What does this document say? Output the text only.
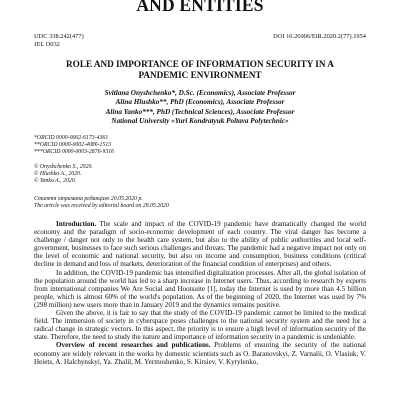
AND ENTITIES
UDC 338.242(477)
JEL O032
DOI 10.26906/EiR.2020.2(77).1954
ROLE AND IMPORTANCE OF INFORMATION SECURITY IN A
PANDEMIC ENVIRONMENT
Svitlana Onyshchenko*, D.Sc. (Economics), Associate Professor
Alina Hlushko**, PhD (Economics), Associate Professor
Alina Yanko***, PhD (Technical Sciences), Associate Professor
National University «Yuri Kondratyuk Poltava Polytechnic»
*ORCID 0000-0002-6173-4361
**ORCID 0000-0002-4086-1513
***ORCID 0000-0003-2876-9316
© Onyshchenko S., 2020.
© Hlushko A., 2020.
© Yanko A., 2020.
Стаття отримана редакцією 20.05.2020 р.
The article was received by editorial board on 29.05.2020

Introduction. The scale and impact of the COVID-19 pandemic have dramatically changed the world economy and the paradigm of socio-economic development of each country. The viral danger has become a challenge / danger not only to the health care system, but also to the ability of public authorities and local self-government, businesses to face such serious challenges and threats. The pandemic had a negative impact not only on the level of economic and national security, but also on income and consumption, business conditions (critical decline in demand and loss of markets, deterioration of the financial condition of enterprises) and others.

In addition, the COVID-19 pandemic has intensified digitalization processes. After all, the global isolation of the population around the world has led to a sharp increase in Internet users. Thus, according to research by experts from international companies We Are Social and Hootsuite [1], today the Internet is used by more than 4.5 billion people, which is almost 60% of the world's population. As of the beginning of 2020, the Internet was used by 7% (298 million) new users more than in January 2019 and the dynamics remains positive.

Given the above, it is fair to say that the study of the COVID-19 pandemic cannot be limited to the medical field. The immersion of society in cyberspace poses challenges to the national security system and the need for a radical change in strategic vectors. In this aspect, the priority is to ensure a high level of information security of the state. Therefore, the need to study the nature and importance of information security in a pandemic is undeniable.

Overview of recent researches and publications. Problems of ensuring the security of the national economy are widely relevant in the works by domestic scientists such as O. Baranovskyi, Z. Varnalii, O. Vlasiuk, V. Heiets, A. Halchynskyi, Ya. Zhalil, M. Yermoshenko, S. Kirsiev, V. Kyrylenko,
